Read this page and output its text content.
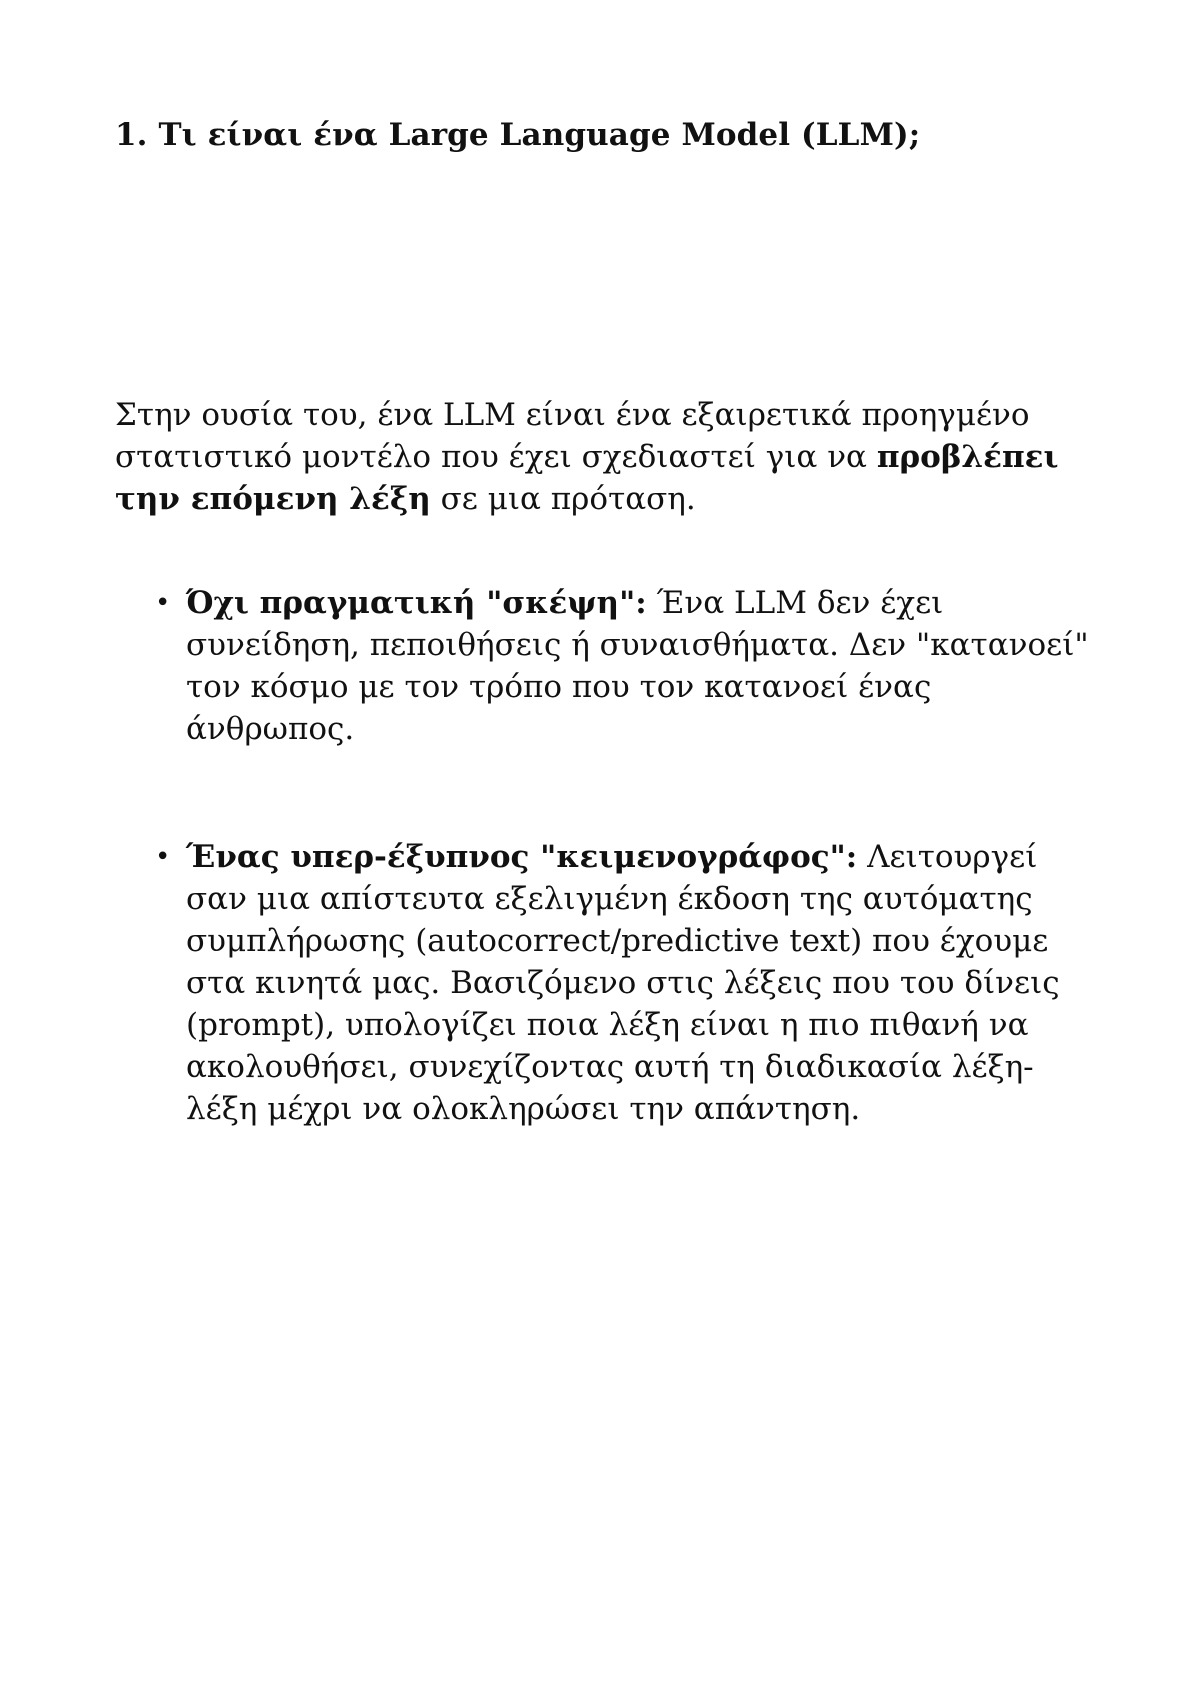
1. Τι είναι ένα Large Language Model (LLM);

Στην ουσία του, ένα LLM είναι ένα εξαιρετικά προηγμένο στατιστικό μοντέλο που έχει σχεδιαστεί για να προβλέπει την επόμενη λέξη σε μια πρόταση.

• Όχι πραγματική "σκέψη": Ένα LLM δεν έχει συνείδηση, πεποιθήσεις ή συναισθήματα. Δεν "κατανοεί" τον κόσμο με τον τρόπο που τον κατανοεί ένας άνθρωπος.
• Ένας υπερ-έξυπνος "κειμενογράφος": Λειτουργεί σαν μια απίστευτα εξελιγμένη έκδοση της αυτόματης συμπλήρωσης (autocorrect/predictive text) που έχουμε στα κινητά μας. Βασιζόμενο στις λέξεις που του δίνεις (prompt), υπολογίζει ποια λέξη είναι η πιο πιθανή να ακολουθήσει, συνεχίζοντας αυτή τη διαδικασία λέξη-λέξη μέχρι να ολοκληρώσει την απάντηση.
